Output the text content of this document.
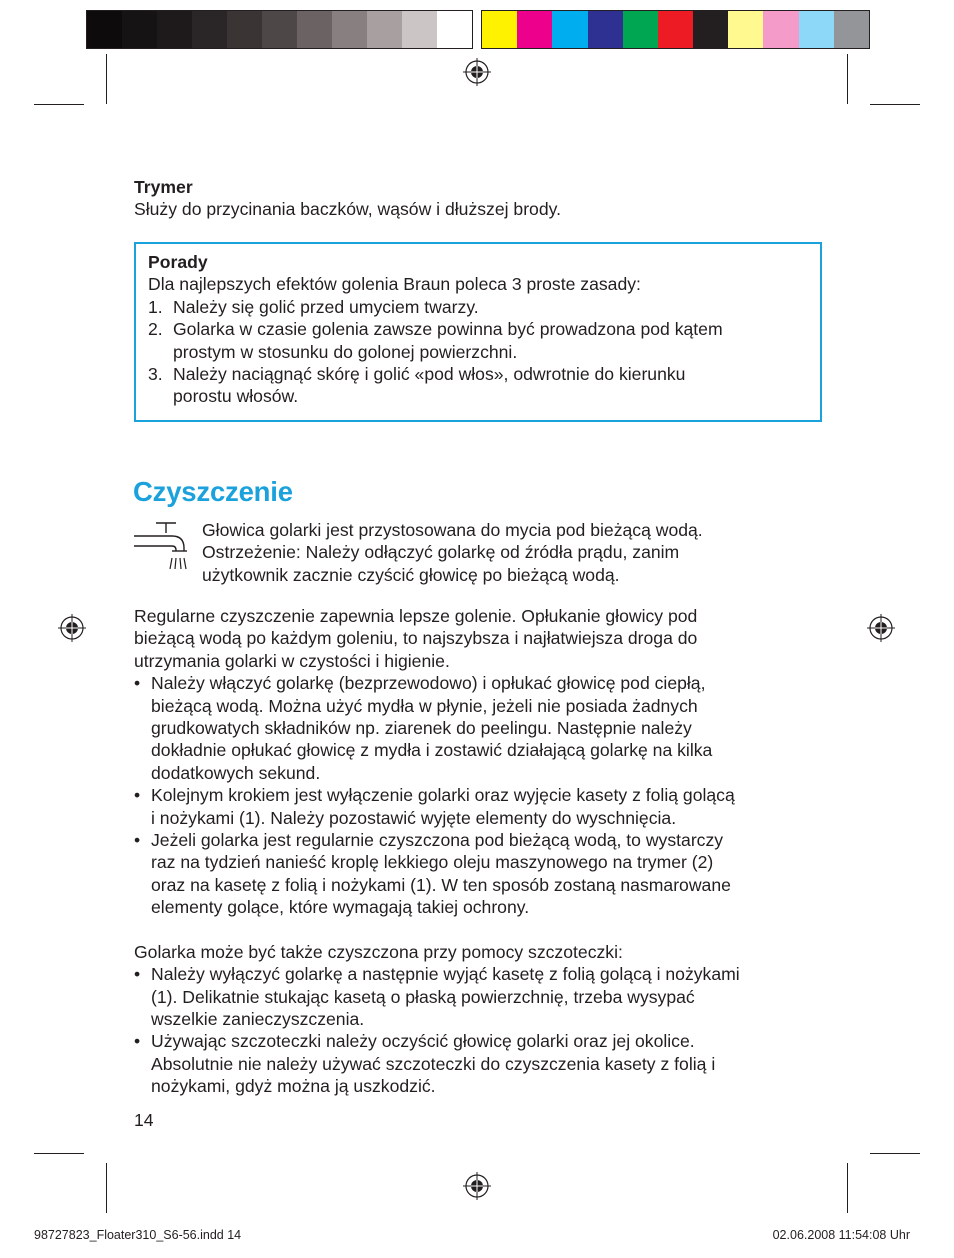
Trymer

Służy do przycinania baczków, wąsów i dłuższej brody.

Porady

Dla najlepszych efektów golenia Braun poleca 3 proste zasady:

1. Należy się golić przed umyciem twarzy.
2. Golarka w czasie golenia zawsze powinna być prowadzona pod kątem
prostym w stosunku do golonej powierzchni.
3. Należy naciągnąć skórę i golić «pod włos», odwrotnie do kierunku
porostu włosów.
Czyszczenie

Głowica golarki jest przystosowana do mycia pod bieżącą wodą.

Ostrzeżenie: Należy odłączyć golarkę od źródła prądu, zanim

użytkownik zacznie czyścić głowicę po bieżącą wodą.

Regularne czyszczenie zapewnia lepsze golenie. Opłukanie głowicy pod

bieżącą wodą po każdym goleniu, to najszybsza i najłatwiejsza droga do

utrzymania golarki w czystości i higienie.

• Należy włączyć golarkę (bezprzewodowo) i opłukać głowicę pod ciepłą,
bieżącą wodą. Można użyć mydła w płynie, jeżeli nie posiada żadnych
grudkowatych składników np. ziarenek do peelingu. Następnie należy
dokładnie opłukać głowicę z mydła i zostawić działającą golarkę na kilka
dodatkowych sekund.
• Kolejnym krokiem jest wyłączenie golarki oraz wyjęcie kasety z folią golącą
i nożykami (1). Należy pozostawić wyjęte elementy do wyschnięcia.
• Jeżeli golarka jest regularnie czyszczona pod bieżącą wodą, to wystarczy
raz na tydzień nanieść kroplę lekkiego oleju maszynowego na trymer (2)
oraz na kasetę z folią i nożykami (1). W ten sposób zostaną nasmarowane
elementy golące, które wymagają takiej ochrony.

Golarka może być także czyszczona przy pomocy szczoteczki:

• Należy wyłączyć golarkę a następnie wyjąć kasetę z folią golącą i nożykami
(1). Delikatnie stukając kasetą o płaską powierzchnię, trzeba wysypać
wszelkie zanieczyszczenia.
• Używając szczoteczki należy oczyścić głowicę golarki oraz jej okolice.
Absolutnie nie należy używać szczoteczki do czyszczenia kasety z folią i
nożykami, gdyż można ją uszkodzić.
14
98727823_Floater310_S6-56.indd 14	02.06.2008 11:54:08 Uhr
